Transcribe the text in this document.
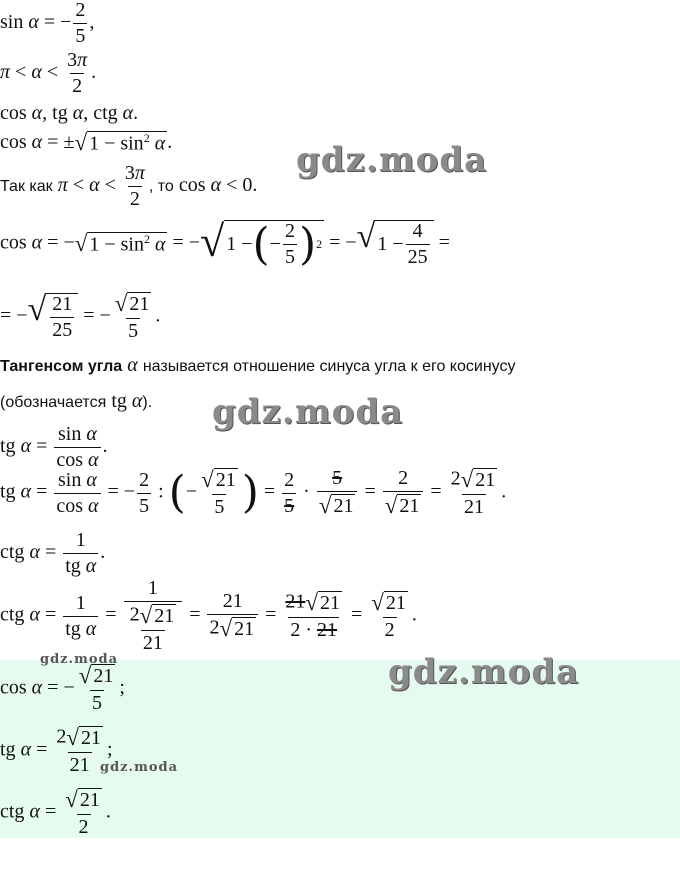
sin α = − $\frac{2}{5}$ ,
$\pi < \alpha < \frac{3\pi}{2}$ .
cos α, tg α, ctg α.
cos α = ± √ $1 - \sin^2 \alpha$ .	gdz.moda
Так как $\pi < \alpha < \frac{3\pi}{2}$ , то cos α < 0.
cos α = − √ $1 - \sin^2 \alpha$ = − √ 1 − ( − $\frac{2}{5}$ ) 2 = − √ $1 - \frac{4}{25}$ =
= − √ $\frac{21}{25}$ = − $\frac{√ 21}{5}$ .
Тангенсом угла α называется отношение синуса угла к его косинусу
(обозначается tg α). gdz.moda
tg $\alpha = \frac{\text{sin α}}{\text{cos α}}$ .
tg $\alpha = \frac{\text{sin α}}{\text{cos α}}$ = − $\frac{2}{5}$ : (− $\frac{√ 21}{5}$ ) = $\frac{2}{5} \cdot \frac{5}{√ 21} = \frac{2}{√ 21} = \frac{2 √ 21}{21}$ .
ctg $\alpha = \frac{1}{\text{tg α}}$ .
ctg $\alpha = \frac{1}{\text{tg α}} = \frac{1}{\frac{2 √ 21}{21}} = \frac{21}{2 √ 21} = \frac{21 √ 21}{2 \cdot 21} = \frac{√ 21}{2}$ .
gdz.moda	gdz.moda
cos α = − $\frac{√ 21}{5}$ ;
tg $\alpha = \frac{2 √ 21}{21}$ ;
gdz.moda
ctg $\alpha = \frac{√ 21}{2}$ .
